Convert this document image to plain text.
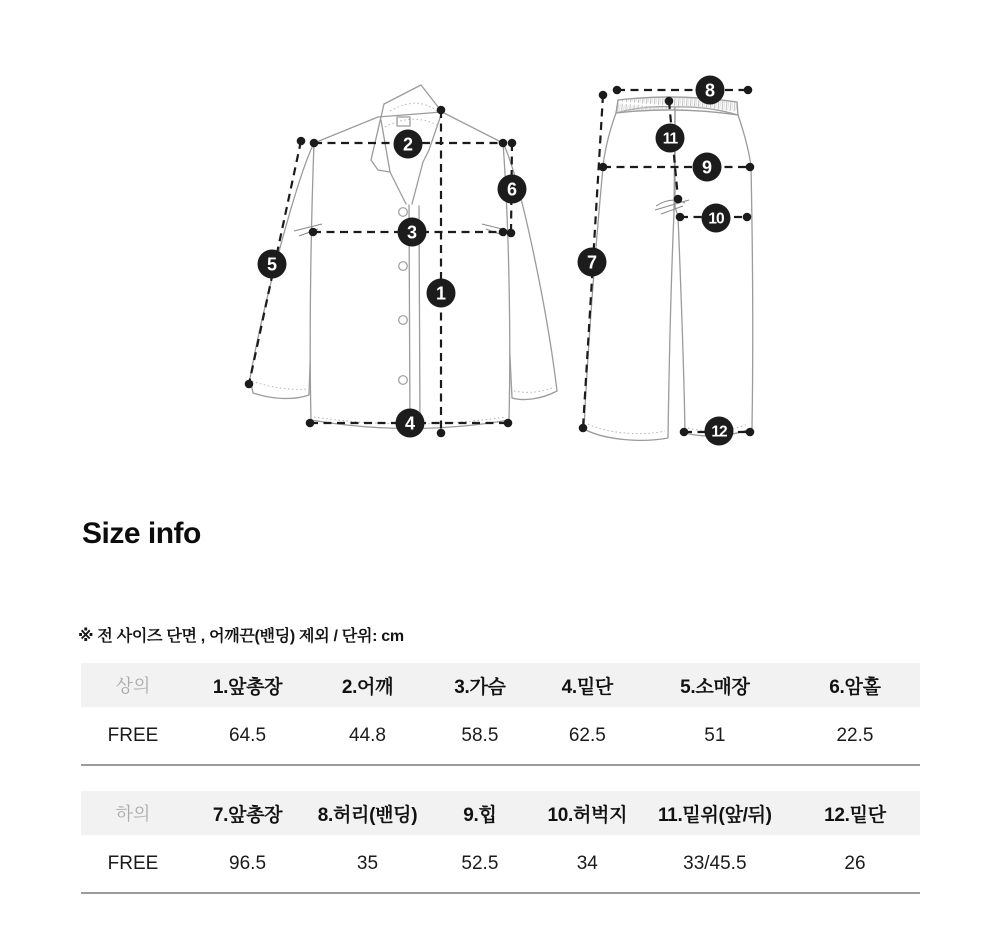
1
2
3
4
5
6
7
8
9
10
11
12
Size info
※ 전 사이즈 단면 , 어깨끈(밴딩) 제외 / 단위: cm
상의	1.앞총장	2.어깨	3.가슴	4.밑단	5.소매장	6.암홀
FREE	64.5	44.8	58.5	62.5	51	22.5
하의	7.앞총장	8.허리(밴딩)	9.힙	10.허벅지	11.밑위(앞/뒤)	12.밑단
FREE	96.5	35	52.5	34	33/45.5	26
